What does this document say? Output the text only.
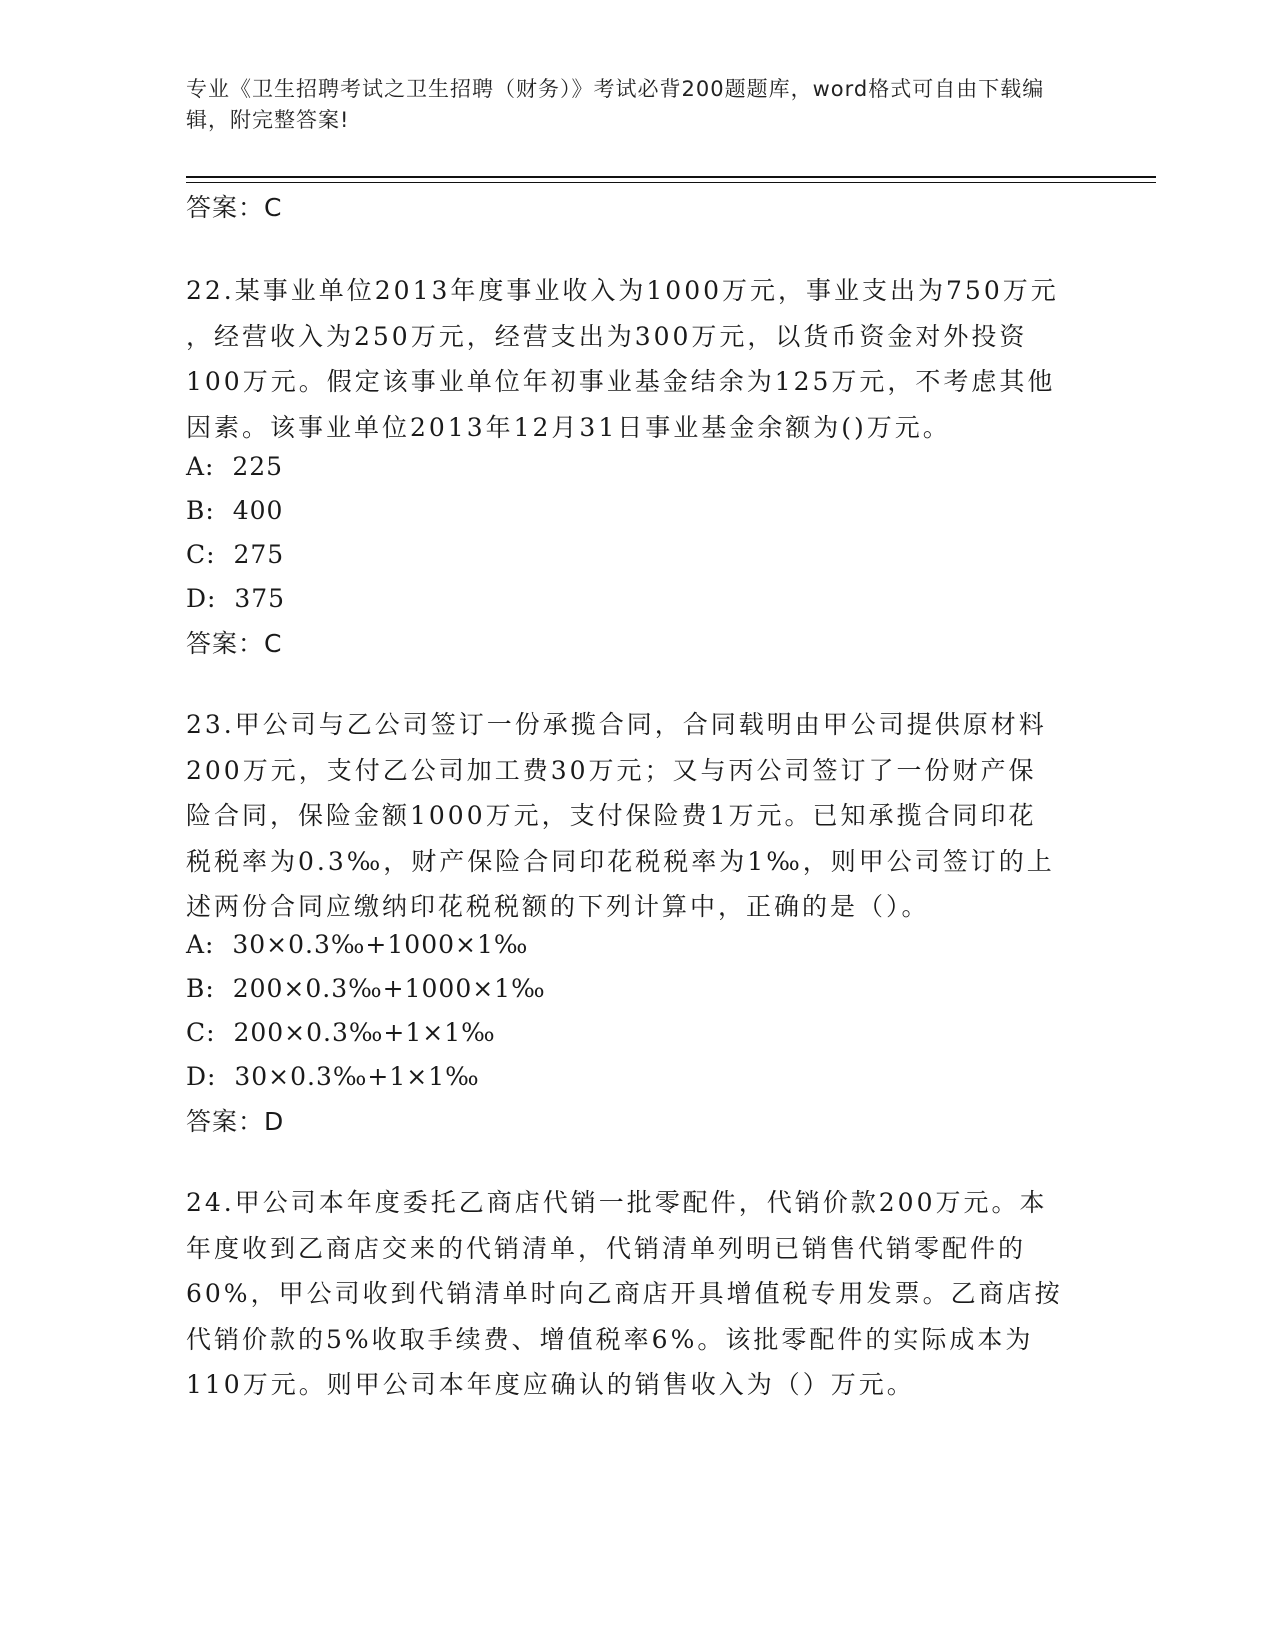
专业《卫生招聘考试之卫生招聘（财务）》考试必背200题题库，word格式可自由下载编辑，附完整答案!
答案：C
22.某事业单位2013年度事业收入为1000万元，事业支出为750万元
，经营收入为250万元，经营支出为300万元，以货币资金对外投资
100万元。假定该事业单位年初事业基金结余为125万元，不考虑其他
因素。该事业单位2013年12月31日事业基金余额为()万元。
A:  225
B:  400
C:  275
D:  375
答案：C
23.甲公司与乙公司签订一份承揽合同，合同载明由甲公司提供原材料
200万元，支付乙公司加工费30万元；又与丙公司签订了一份财产保
险合同，保险金额1000万元，支付保险费1万元。已知承揽合同印花
税税率为0.3‰，财产保险合同印花税税率为1‰，则甲公司签订的上
述两份合同应缴纳印花税税额的下列计算中，正确的是（）。
A:  30×0.3‰+1000×1‰
B:  200×0.3‰+1000×1‰
C:  200×0.3‰+1×1‰
D:  30×0.3‰+1×1‰
答案：D
24.甲公司本年度委托乙商店代销一批零配件，代销价款200万元。本
年度收到乙商店交来的代销清单，代销清单列明已销售代销零配件的
60%，甲公司收到代销清单时向乙商店开具增值税专用发票。乙商店按
代销价款的5%收取手续费、增值税率6%。该批零配件的实际成本为
110万元。则甲公司本年度应确认的销售收入为（）万元。
